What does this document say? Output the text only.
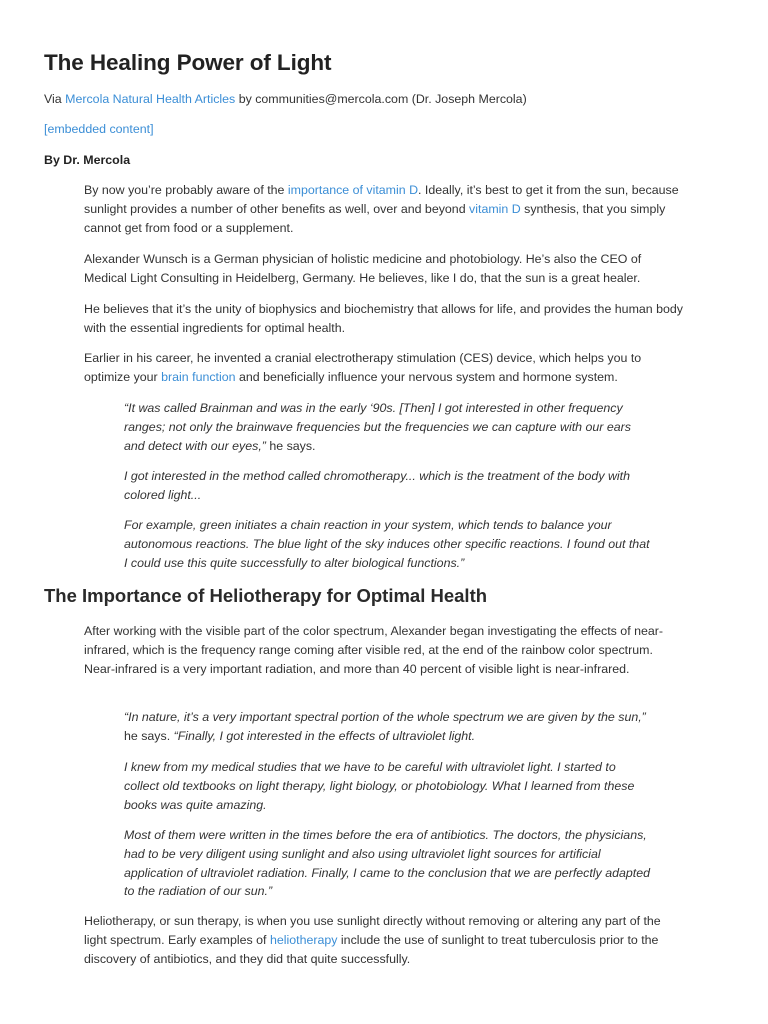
The Healing Power of Light
Via Mercola Natural Health Articles by communities@mercola.com (Dr. Joseph Mercola)
[embedded content]
By Dr. Mercola

By now you’re probably aware of the importance of vitamin D. Ideally, it’s best to get it from the sun, because sunlight provides a number of other benefits as well, over and beyond vitamin D synthesis, that you simply cannot get from food or a supplement.

Alexander Wunsch is a German physician of holistic medicine and photobiology. He’s also the CEO of Medical Light Consulting in Heidelberg, Germany. He believes, like I do, that the sun is a great healer.

He believes that it’s the unity of biophysics and biochemistry that allows for life, and provides the human body with the essential ingredients for optimal health.

Earlier in his career, he invented a cranial electrotherapy stimulation (CES) device, which helps you to optimize your brain function and beneficially influence your nervous system and hormone system.

“It was called Brainman and was in the early ‘90s. [Then] I got interested in other frequency ranges; not only the brainwave frequencies but the frequencies we can capture with our ears and detect with our eyes,” he says.

I got interested in the method called chromotherapy... which is the treatment of the body with colored light...

For example, green initiates a chain reaction in your system, which tends to balance your autonomous reactions. The blue light of the sky induces other specific reactions. I found out that I could use this quite successfully to alter biological functions.”

The Importance of Heliotherapy for Optimal Health

After working with the visible part of the color spectrum, Alexander began investigating the effects of near-infrared, which is the frequency range coming after visible red, at the end of the rainbow color spectrum. Near-infrared is a very important radiation, and more than 40 percent of visible light is near-infrared.

“In nature, it’s a very important spectral portion of the whole spectrum we are given by the sun,” he says. “Finally, I got interested in the effects of ultraviolet light.

I knew from my medical studies that we have to be careful with ultraviolet light. I started to collect old textbooks on light therapy, light biology, or photobiology. What I learned from these books was quite amazing.

Most of them were written in the times before the era of antibiotics. The doctors, the physicians, had to be very diligent using sunlight and also using ultraviolet light sources for artificial application of ultraviolet radiation. Finally, I came to the conclusion that we are perfectly adapted to the radiation of our sun.”

Heliotherapy, or sun therapy, is when you use sunlight directly without removing or altering any part of the light spectrum. Early examples of heliotherapy include the use of sunlight to treat tuberculosis prior to the discovery of antibiotics, and they did that quite successfully.
